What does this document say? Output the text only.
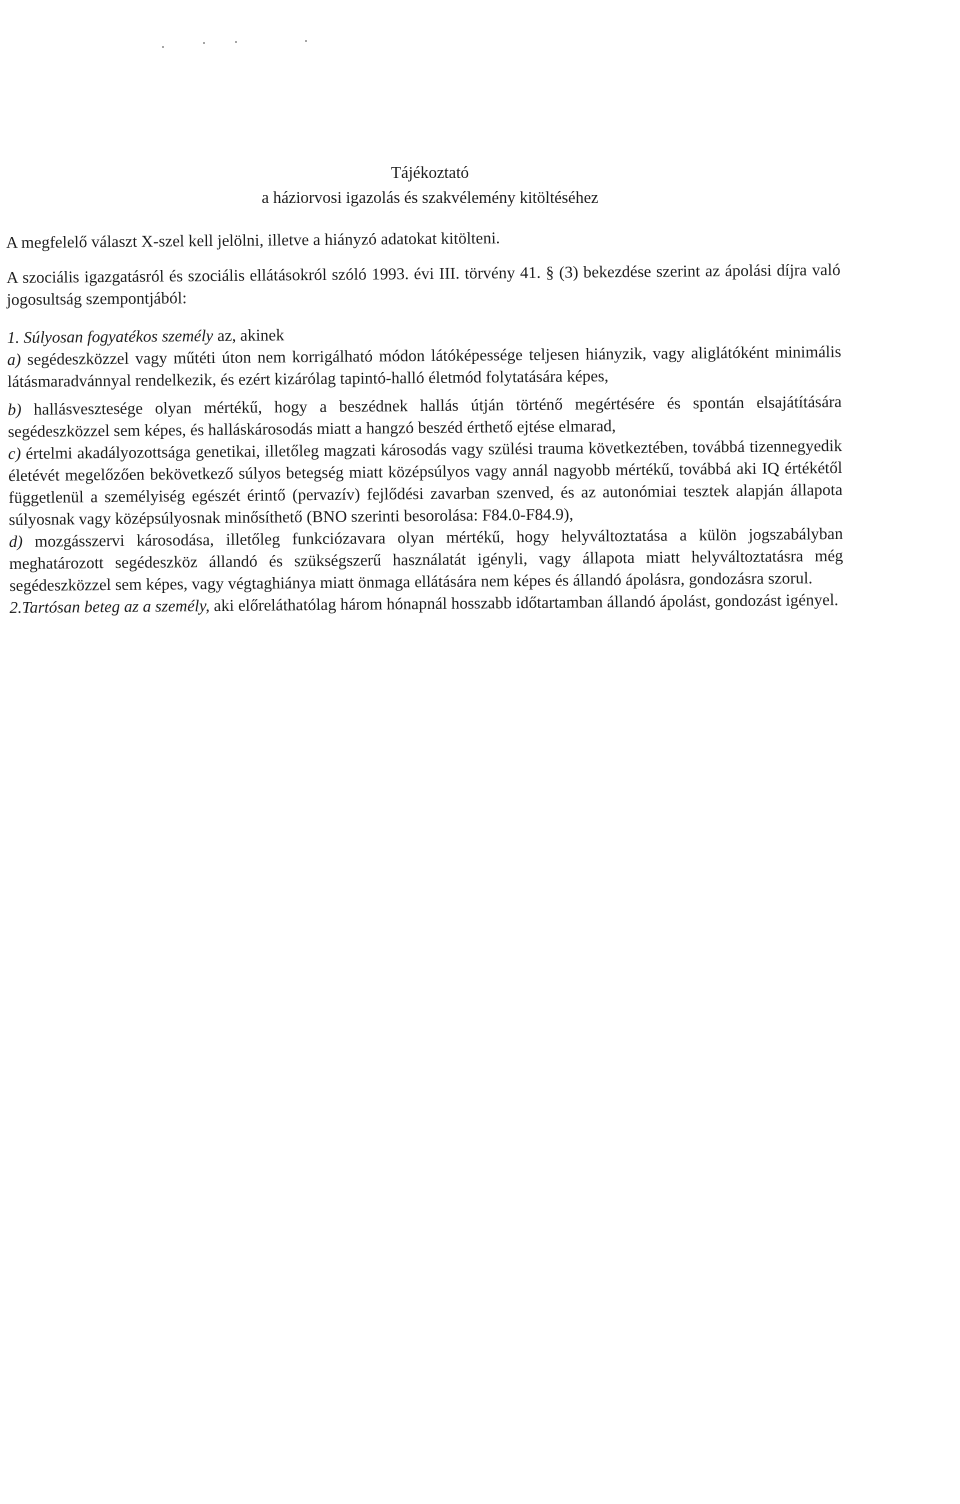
Tájékoztató
a háziorvosi igazolás és szakvélemény kitöltéséhez

A megfelelő választ X-szel kell jelölni, illetve a hiányzó adatokat kitölteni.

A szociális igazgatásról és szociális ellátásokról szóló 1993. évi III. törvény 41. § (3) bekezdése szerint az ápolási díjra való jogosultság szempontjából:

1. Súlyosan fogyatékos személy az, akinek

a) segédeszközzel vagy műtéti úton nem korrigálható módon látóképessége teljesen hiányzik, vagy aliglátóként minimális látásmaradvánnyal rendelkezik, és ezért kizárólag tapintó-halló életmód folytatására képes,

b) hallásvesztesége olyan mértékű, hogy a beszédnek hallás útján történő megértésére és spontán elsajátítására segédeszközzel sem képes, és halláskárosodás miatt a hangzó beszéd érthető ejtése elmarad,

c) értelmi akadályozottsága genetikai, illetőleg magzati károsodás vagy szülési trauma következtében, továbbá tizennegyedik életévét megelőzően bekövetkező súlyos betegség miatt középsúlyos vagy annál nagyobb mértékű, továbbá aki IQ értékétől függetlenül a személyiség egészét érintő (pervazív) fejlődési zavarban szenved, és az autonómiai tesztek alapján állapota súlyosnak vagy középsúlyosnak minősíthető (BNO szerinti besorolása: F84.0-F84.9),

d) mozgásszervi károsodása, illetőleg funkciózavara olyan mértékű, hogy helyváltoztatása a külön jogszabályban meghatározott segédeszköz állandó és szükségszerű használatát igényli, vagy állapota miatt helyváltoztatásra még segédeszközzel sem képes, vagy végtaghiánya miatt önmaga ellátására nem képes és állandó ápolásra, gondozásra szorul.

2.Tartósan beteg az a személy, aki előreláthatólag három hónapnál hosszabb időtartamban állandó ápolást, gondozást igényel.
